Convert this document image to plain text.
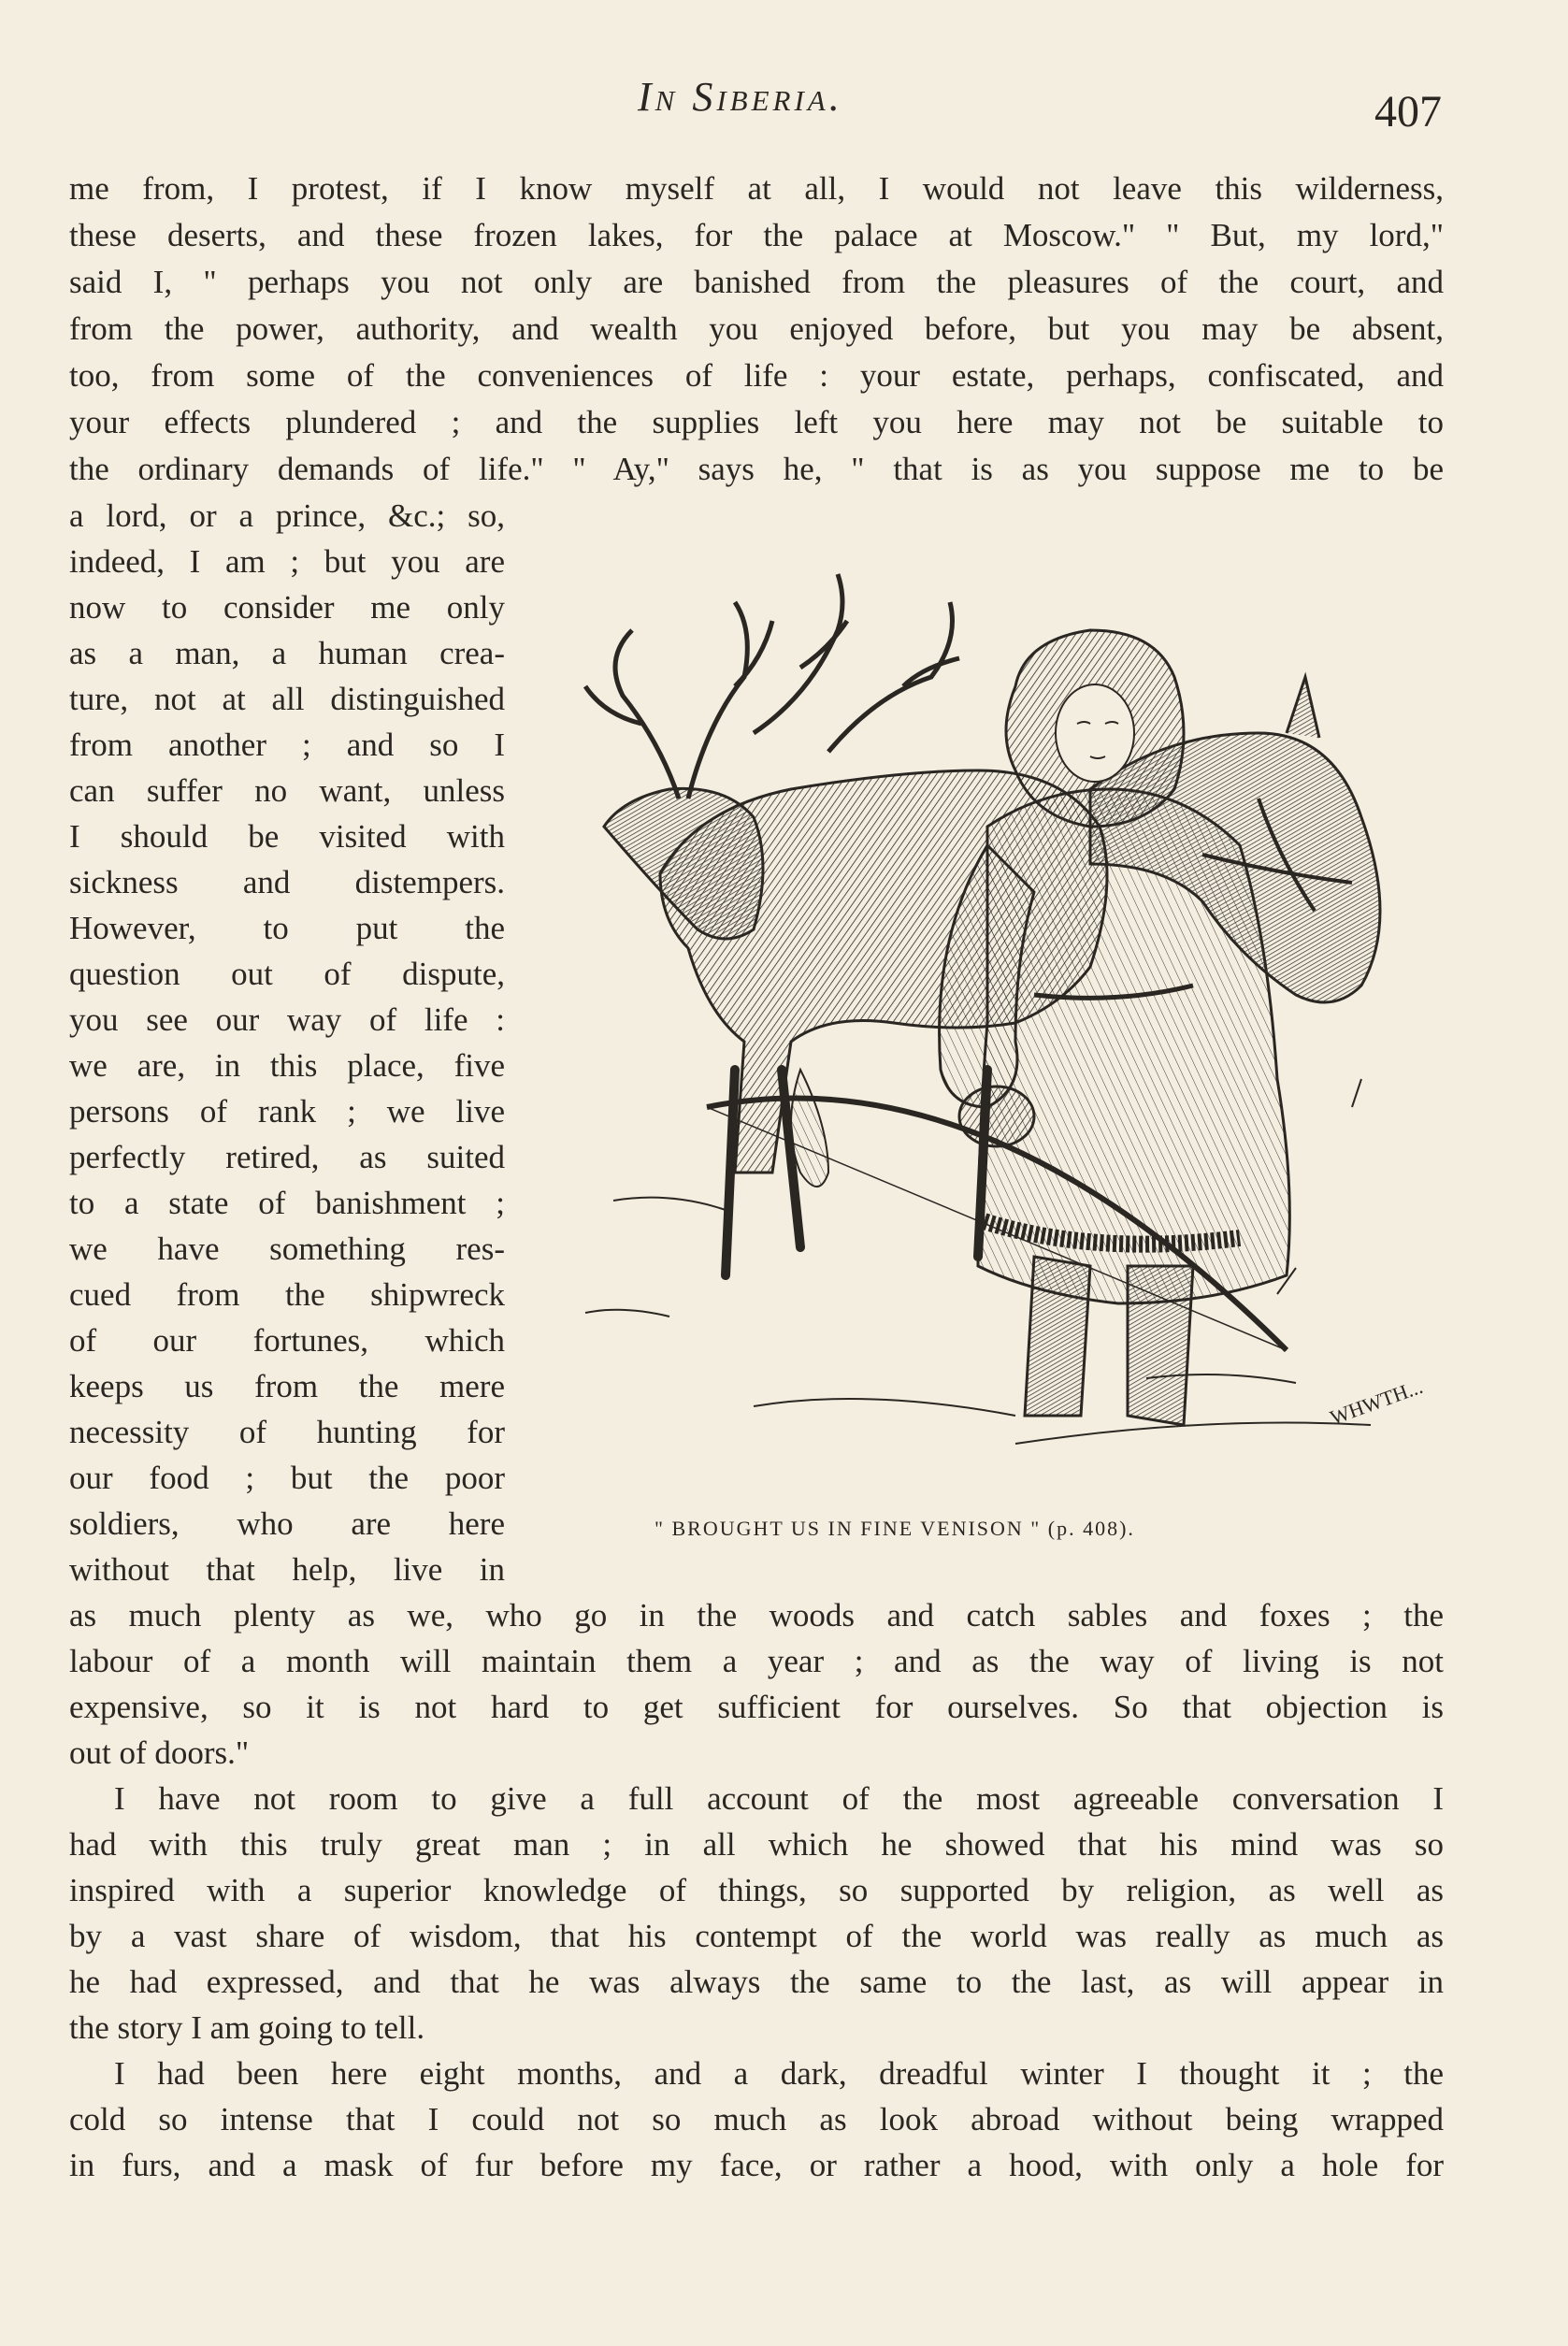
In Siberia.	407
me from, I protest, if I know myself at all, I would not leave this wilderness,
these deserts, and these frozen lakes, for the palace at Moscow." " But, my lord,"
said I, " perhaps you not only are banished from the pleasures of the court, and
from the power, authority, and wealth you enjoyed before, but you may be absent,
too, from some of the conveniences of life : your estate, perhaps, confiscated, and
your effects plundered ; and the supplies left you here may not be suitable to
the ordinary demands of life." " Ay," says he, " that is as you suppose me to be
a lord, or a prince, &c.; so,
indeed, I am ; but you are
now to consider me only
as a man, a human crea-
ture, not at all distinguished
from another ; and so I
can suffer no want, unless
I should be visited with
sickness and distempers.
However, to put the
question out of dispute,
you see our way of life :
we are, in this place, five
persons of rank ; we live
perfectly retired, as suited
to a state of banishment ;
we have something res-
cued from the shipwreck
of our fortunes, which
keeps us from the mere
necessity of hunting for
our food ; but the poor
soldiers, who are here
without that help, live in
as much plenty as we, who go in the woods and catch sables and foxes ; the
labour of a month will maintain them a year ; and as the way of living is not
expensive, so it is not hard to get sufficient for ourselves. So that objection is
out of doors."
I have not room to give a full account of the most agreeable conversation I
had with this truly great man ; in all which he showed that his mind was so
inspired with a superior knowledge of things, so supported by religion, as well as
by a vast share of wisdom, that his contempt of the world was really as much as
he had expressed, and that he was always the same to the last, as will appear in
the story I am going to tell.
I had been here eight months, and a dark, dreadful winter I thought it ; the
cold so intense that I could not so much as look abroad without being wrapped
in furs, and a mask of fur before my face, or rather a hood, with only a hole for
WHWTH...
" BROUGHT US IN FINE VENISON " (p. 408).
